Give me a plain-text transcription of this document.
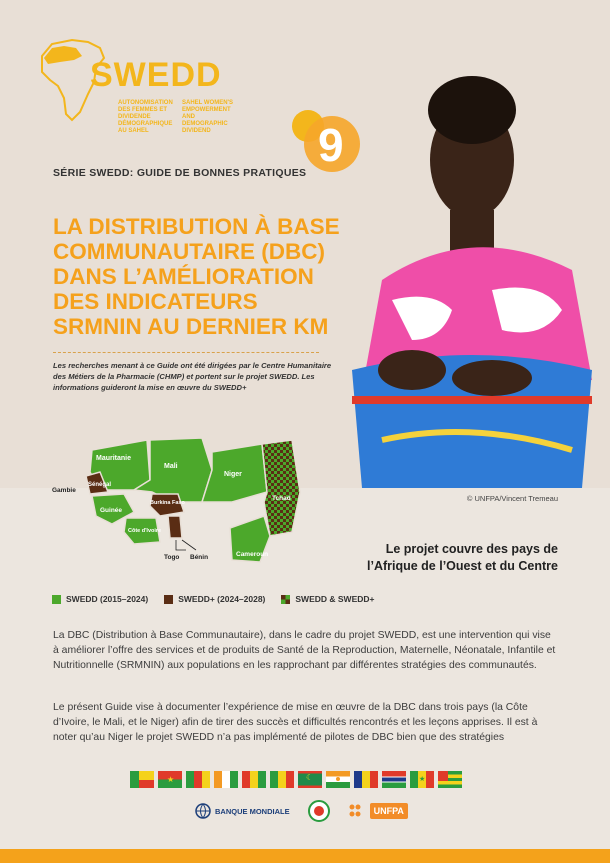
SWEDD
AUTONOMISATION DES FEMMES ET DIVIDENDE DÉMOGRAPHIQUE AU SAHEL
SAHEL WOMEN'S EMPOWERMENT AND DEMOGRAPHIC DIVIDEND	9
SÉRIE SWEDD: GUIDE DE BONNES PRATIQUES
LA DISTRIBUTION À BASE COMMUNAUTAIRE (DBC) DANS L’AMÉLIORATION DES INDICATEURS SRMNIN AU DERNIER KM
Les recherches menant à ce Guide ont été dirigées par le Centre Humanitaire des Métiers de la Pharmacie (CHMP) et portent sur le projet SWEDD. Les informations guideront la mise en œuvre du SWEDD+
© UNFPA/Vincent Tremeau
Mauritanie
Mali
Niger
Tchad
Sénégal
Gambie
Guinée
Burkina Faso
Côte d'Ivoire
Cameroun
Togo Bénin
Le projet couvre des pays de l’Afrique de l’Ouest et du Centre
SWEDD (2015–2024)	SWEDD+ (2024–2028)	SWEDD & SWEDD+
La DBC (Distribution à Base Communautaire), dans le cadre du projet SWEDD, est une intervention qui vise à améliorer l’offre des services et de produits de Santé de la Reproduction, Maternelle, Néonatale, Infantile et Nutritionnelle (SRMNIN) aux populations en les rapprochant par différentes stratégies des communautés.
Le présent Guide vise à documenter l’expérience de mise en œuvre de la DBC dans trois pays (la Côte d’Ivoire, le Mali, et le Niger) afin de tirer des succès et difficultés rencontrés et les leçons apprises. Il est à noter qu’au Niger le projet SWEDD n’a pas implémenté de pilotes de DBC bien que des stratégies
★	☾	★
BANQUE MONDIALE	UNFPA
